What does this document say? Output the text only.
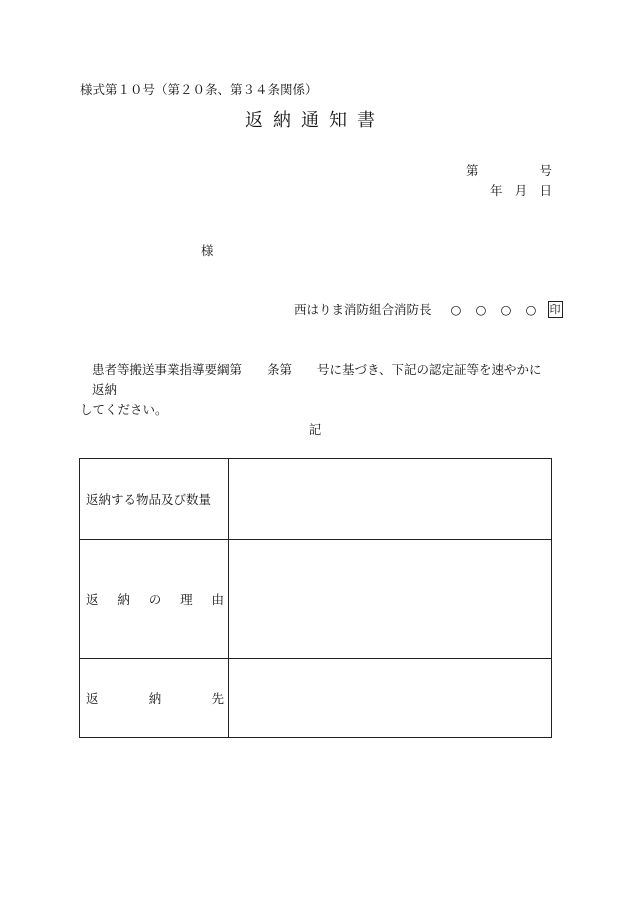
様式第１０号（第２０条、第３４条関係）
返納通知書
第	号
年 月 日
様
西はりま消防組合消防長	○	○	○	○	印
患者等搬送事業指導要綱第　　条第　　号に基づき、下記の認定証等を速やかに返納
してください。
記
返納する物品及び数量	

返 納 の 理 由	

返 納 先	
